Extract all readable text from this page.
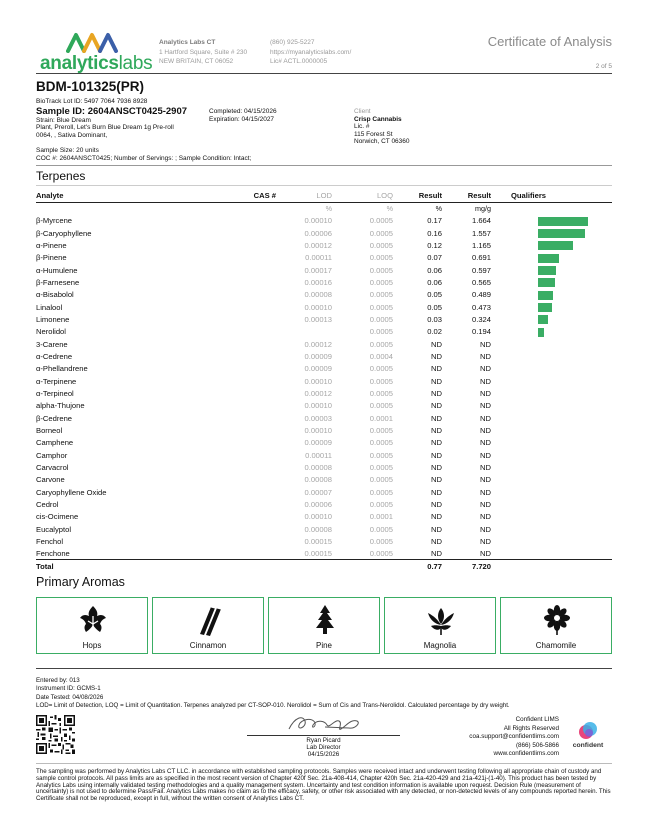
analyticslabs
Analytics Labs CT
1 Hartford Square, Suite # 230
NEW BRITAIN, CT 06052
(860) 925-5227
https://myanalyticslabs.com/
Lic# ACTL.0000005
Certificate of Analysis
2 of 5
BDM-101325(PR)
BioTrack Lot ID: 5497 7064 7936 8928
Sample ID: 2604ANSCT0425-2907
Strain: Blue Dream
Plant, Preroll, Let's Burn Blue Dream 1g Pre-roll
0064, , Sativa Dominant,
Sample Size: 20 units
COC #: 2604ANSCT0425; Number of Servings: ; Sample Condition: Intact;
Completed: 04/15/2026
Expiration: 04/15/2027
Client
Crisp Cannabis
Lic. #
115 Forest St
Norwich, CT 06360
Terpenes
Analyte	CAS #	LOD	LOQ	Result	Result	Qualifiers
		%	%	%	mg/g	
β-Myrcene		0.00010	0.0005	0.17	1.664	

β-Caryophyllene		0.00006	0.0005	0.16	1.557	

α-Pinene		0.00012	0.0005	0.12	1.165	

β-Pinene		0.00011	0.0005	0.07	0.691	

α-Humulene		0.00017	0.0005	0.06	0.597	

β-Farnesene		0.00016	0.0005	0.06	0.565	

α-Bisabolol		0.00008	0.0005	0.05	0.489	

Linalool		0.00010	0.0005	0.05	0.473	

Limonene		0.00013	0.0005	0.03	0.324	

Nerolidol			0.0005	0.02	0.194	

3-Carene		0.00012	0.0005	ND	ND	
α-Cedrene		0.00009	0.0004	ND	ND	
α-Phellandrene		0.00009	0.0005	ND	ND	
α-Terpinene		0.00010	0.0005	ND	ND	
α-Terpineol		0.00012	0.0005	ND	ND	
alpha-Thujone		0.00010	0.0005	ND	ND	
β-Cedrene		0.00003	0.0001	ND	ND	
Borneol		0.00010	0.0005	ND	ND	
Camphene		0.00009	0.0005	ND	ND	
Camphor		0.00011	0.0005	ND	ND	
Carvacrol		0.00008	0.0005	ND	ND	
Carvone		0.00008	0.0005	ND	ND	
Caryophyllene Oxide		0.00007	0.0005	ND	ND	
Cedrol		0.00006	0.0005	ND	ND	
cis-Ocimene		0.00010	0.0001	ND	ND	
Eucalyptol		0.00008	0.0005	ND	ND	
Fenchol		0.00015	0.0005	ND	ND	
Fenchone		0.00015	0.0005	ND	ND	
Total				0.77	7.720	
Primary Aromas
Hops	Cinnamon	Pine	Magnolia	Chamomile
Entered by: 013
Instrument ID: GCMS-1
Date Tested: 04/08/2026
LOD= Limit of Detection, LOQ = Limit of Quantitation. Terpenes analyzed per CT-SOP-010. Nerolidol = Sum of Cis and Trans-Nerolidol. Calculated percentage by dry weight.
Ryan Picard
Lab Director
04/15/2026
Confident LIMS
All Rights Reserved
coa.support@confidentlims.com
(866) 506-5866
www.confidentlims.com
confident
The sampling was performed by Analytics Labs CT LLC. in accordance with established sampling protocols. Samples were received intact and underwent testing following all appropriate chain of custody and sample control protocols. All pass limits are as specified in the most recent version of Chapter 420f Sec. 21a-408-414, Chapter 420h Sec. 21a-420-429 and 21a-421j-(1-40). This product has been tested by Analytics Labs using internally validated testing methodologies and a quality management system. Uncertainty and test condition information is available upon request. Decision Rule (measurement of uncertainty) is not used to determine Pass/Fail. Analytics Labs makes no claim as to the efficacy, safety, or other risk associated with any detected, or non-detected levels of any compounds reported herein. This Certificate shall not be reproduced, except in full, without the written consent of Analytics Labs CT.
